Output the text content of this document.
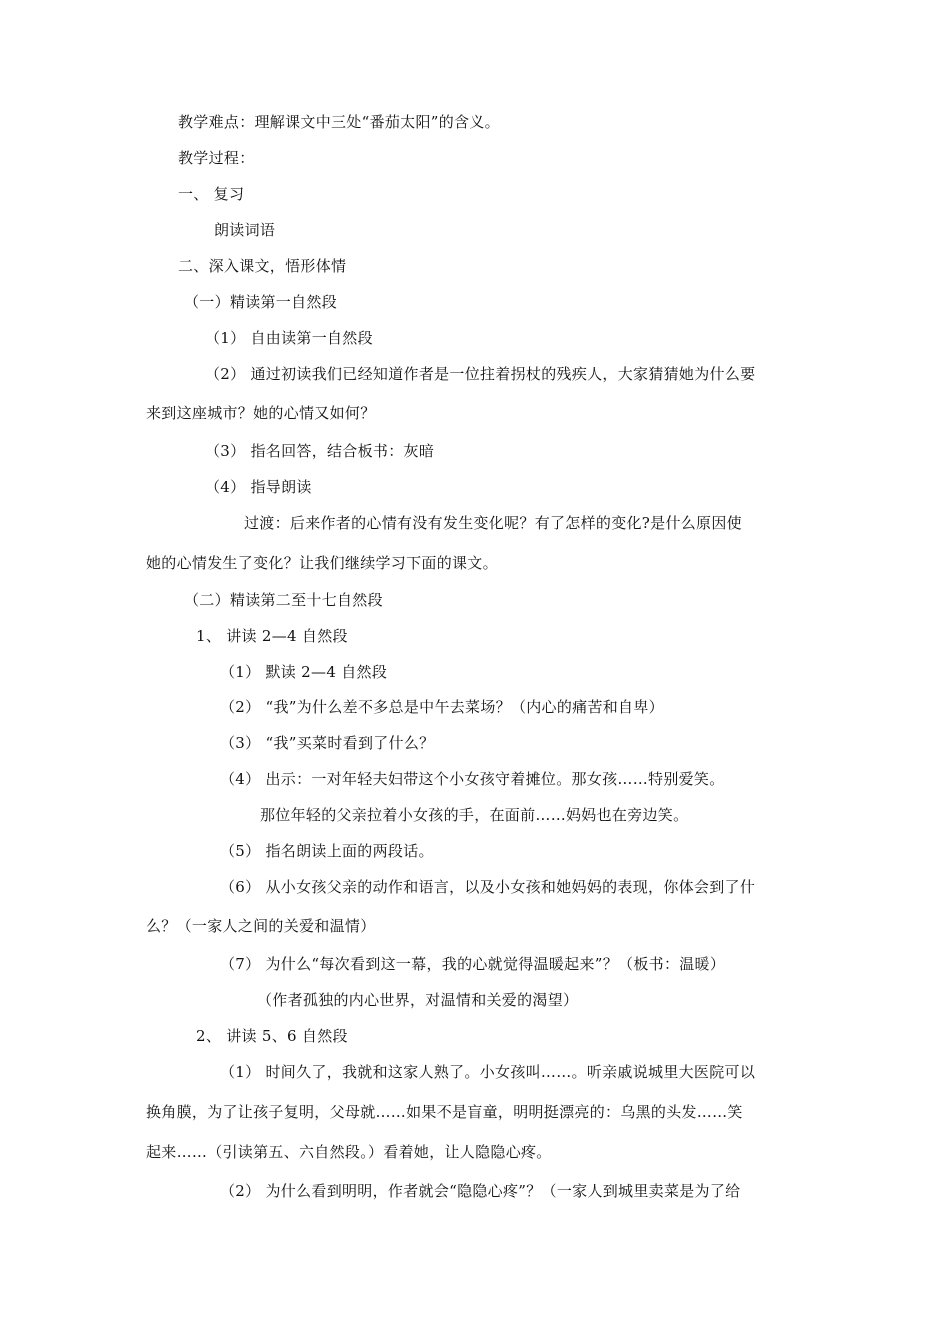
教学难点：理解课文中三处“番茄太阳”的含义。
教学过程：
一、 复习
朗读词语
二、深入课文，悟形体情
（一）精读第一自然段
（1） 自由读第一自然段
（2） 通过初读我们已经知道作者是一位拄着拐杖的残疾人，大家猜猜她为什么要
来到这座城市？她的心情又如何？
（3） 指名回答，结合板书：灰暗
（4） 指导朗读
过渡：后来作者的心情有没有发生变化呢？有了怎样的变化?是什么原因使
她的心情发生了变化？让我们继续学习下面的课文。
（二）精读第二至十七自然段
1、 讲读 2—4 自然段
（1） 默读 2—4 自然段
（2） “我”为什么差不多总是中午去菜场？（内心的痛苦和自卑）
（3） “我”买菜时看到了什么？
（4） 出示：一对年轻夫妇带这个小女孩守着摊位。那女孩……特别爱笑。
那位年轻的父亲拉着小女孩的手，在面前……妈妈也在旁边笑。
（5） 指名朗读上面的两段话。
（6） 从小女孩父亲的动作和语言，以及小女孩和她妈妈的表现，你体会到了什
么？（一家人之间的关爱和温情）
（7） 为什么“每次看到这一幕，我的心就觉得温暖起来”？（板书：温暖）
（作者孤独的内心世界，对温情和关爱的渴望）
2、 讲读 5、6 自然段
（1） 时间久了，我就和这家人熟了。小女孩叫……。听亲戚说城里大医院可以
换角膜，为了让孩子复明，父母就……如果不是盲童，明明挺漂亮的：乌黑的头发……笑
起来……（引读第五、六自然段。）看着她，让人隐隐心疼。
（2） 为什么看到明明，作者就会“隐隐心疼”？（一家人到城里卖菜是为了给
